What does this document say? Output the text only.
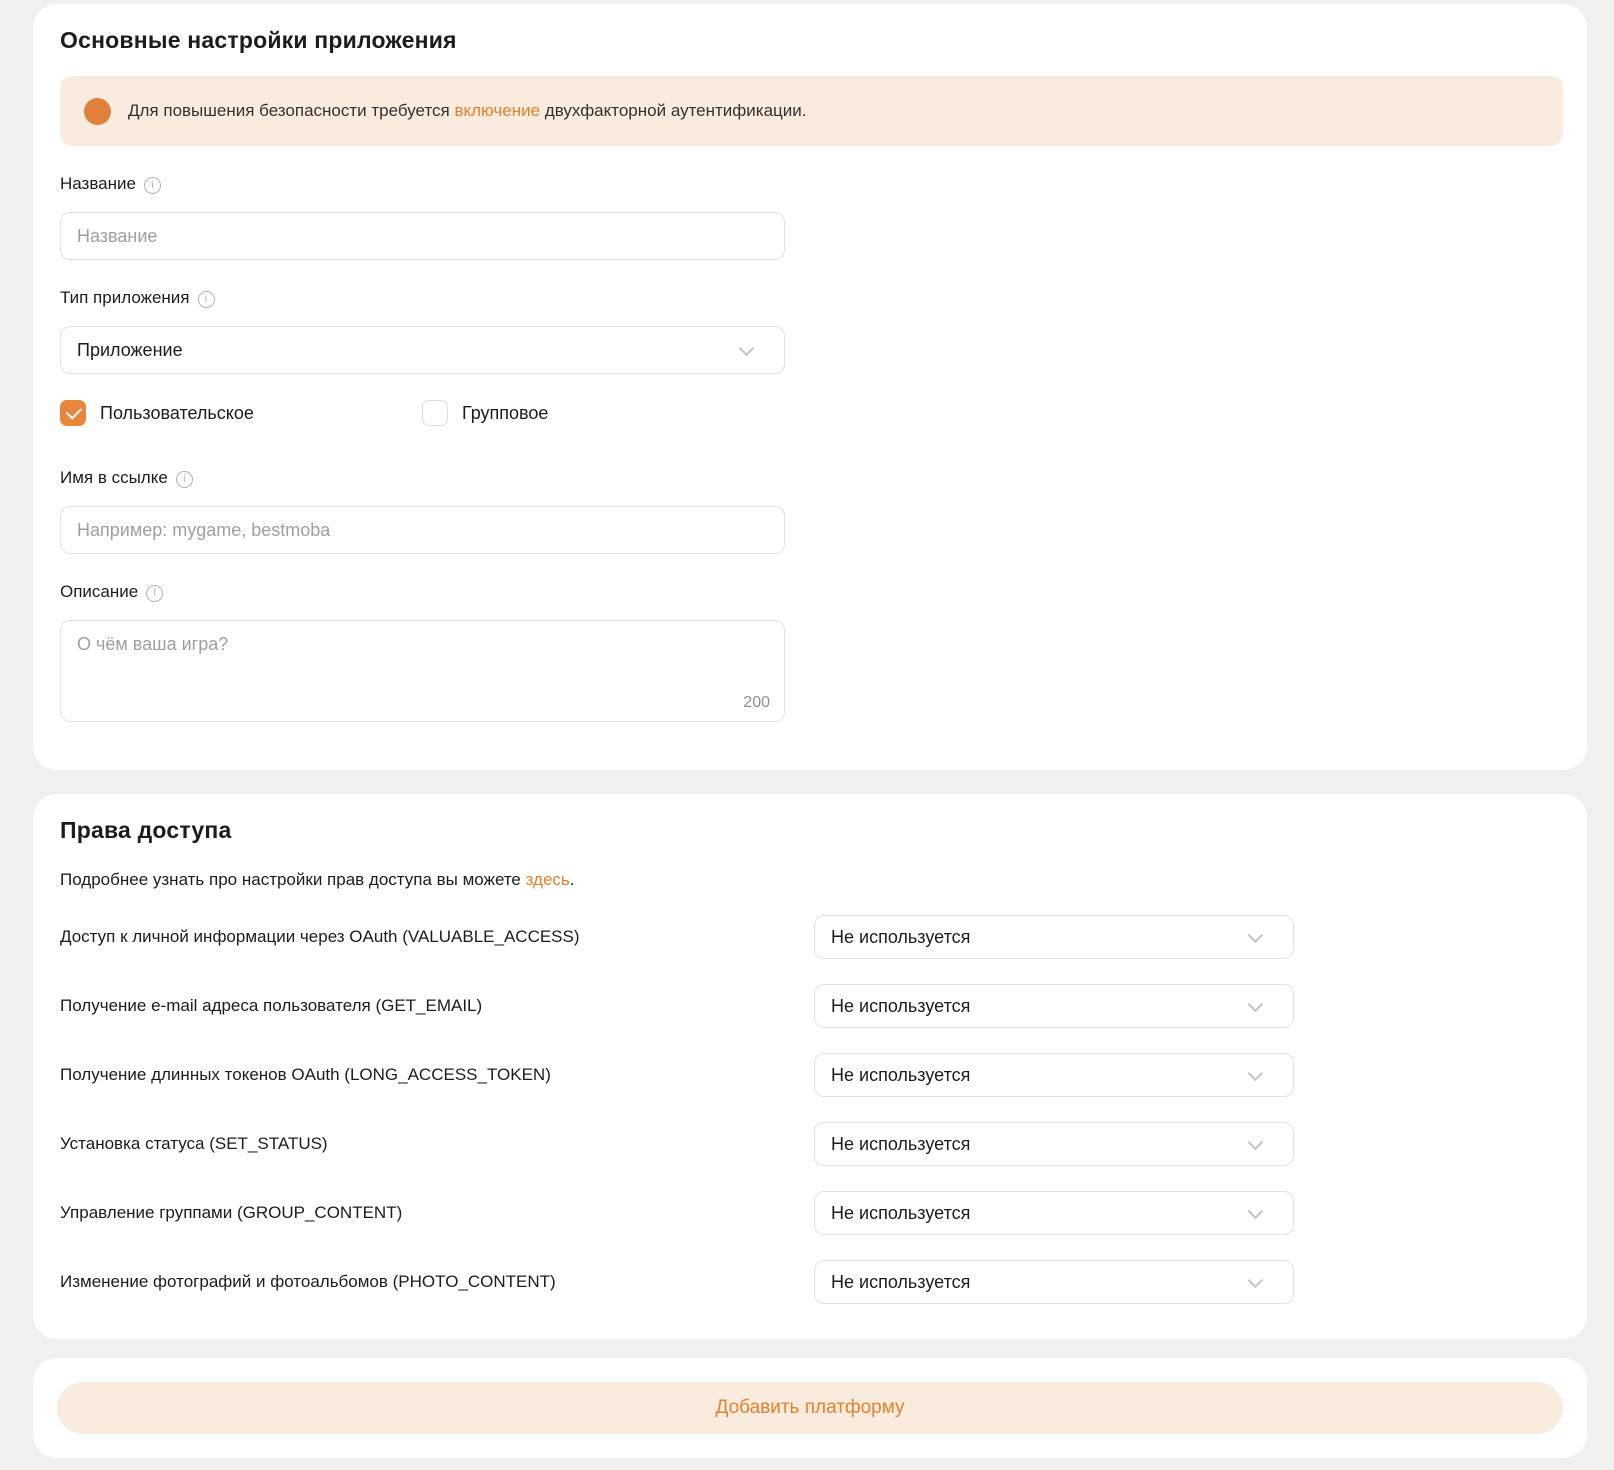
Основные настройки приложения
Для повышения безопасности требуется включение двухфакторной аутентификации.
Название
i
Название
Тип приложения
i
Приложение
Пользовательское	Групповое
Имя в ссылке
i
Например: mygame, bestmoba
Описание
i
О чём ваша игра?
200
Права доступа
Подробнее узнать про настройки прав доступа вы можете здесь.
Доступ к личной информации через OAuth (VALUABLE_ACCESS)	Не используется
Получение e-mail адреса пользователя (GET_EMAIL)	Не используется
Получение длинных токенов OAuth (LONG_ACCESS_TOKEN)	Не используется
Установка статуса (SET_STATUS)	Не используется
Управление группами (GROUP_CONTENT)	Не используется
Изменение фотографий и фотоальбомов (PHOTO_CONTENT)	Не используется
Добавить платформу
